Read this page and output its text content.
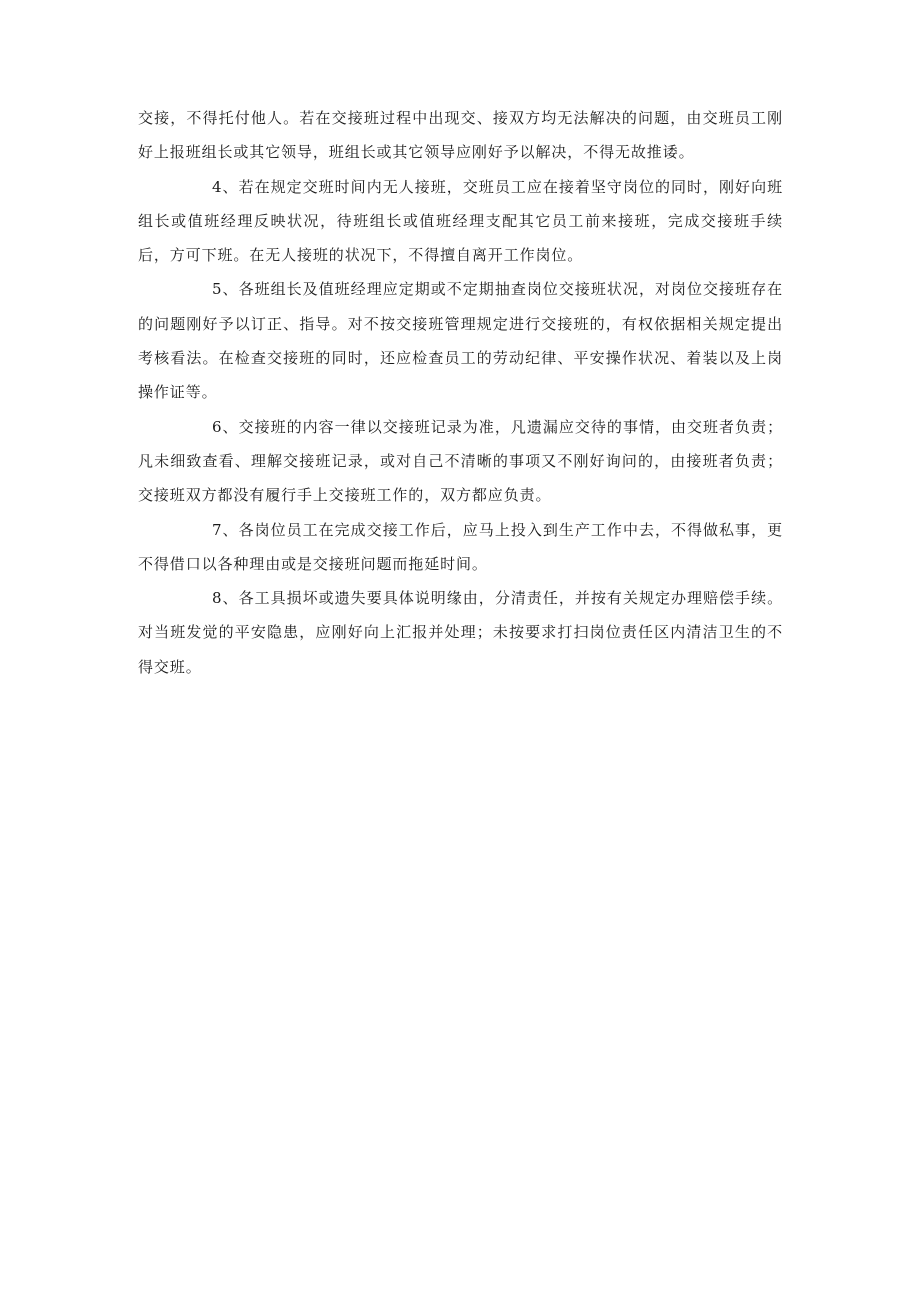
交接，不得托付他人。若在交接班过程中出现交、接双方均无法解决的问题，由交班员工刚好上报班组长或其它领导，班组长或其它领导应刚好予以解决，不得无故推诿。

4、若在规定交班时间内无人接班，交班员工应在接着坚守岗位的同时，刚好向班组长或值班经理反映状况，待班组长或值班经理支配其它员工前来接班，完成交接班手续后，方可下班。在无人接班的状况下，不得擅自离开工作岗位。

5、各班组长及值班经理应定期或不定期抽查岗位交接班状况，对岗位交接班存在的问题刚好予以订正、指导。对不按交接班管理规定进行交接班的，有权依据相关规定提出考核看法。在检查交接班的同时，还应检查员工的劳动纪律、平安操作状况、着装以及上岗操作证等。

6、交接班的内容一律以交接班记录为准，凡遗漏应交待的事情，由交班者负责；凡未细致查看、理解交接班记录，或对自己不清晰的事项又不刚好询问的，由接班者负责；交接班双方都没有履行手上交接班工作的，双方都应负责。

7、各岗位员工在完成交接工作后，应马上投入到生产工作中去，不得做私事，更不得借口以各种理由或是交接班问题而拖延时间。

8、各工具损坏或遗失要具体说明缘由，分清责任，并按有关规定办理赔偿手续。对当班发觉的平安隐患，应刚好向上汇报并处理；未按要求打扫岗位责任区内清洁卫生的不得交班。
